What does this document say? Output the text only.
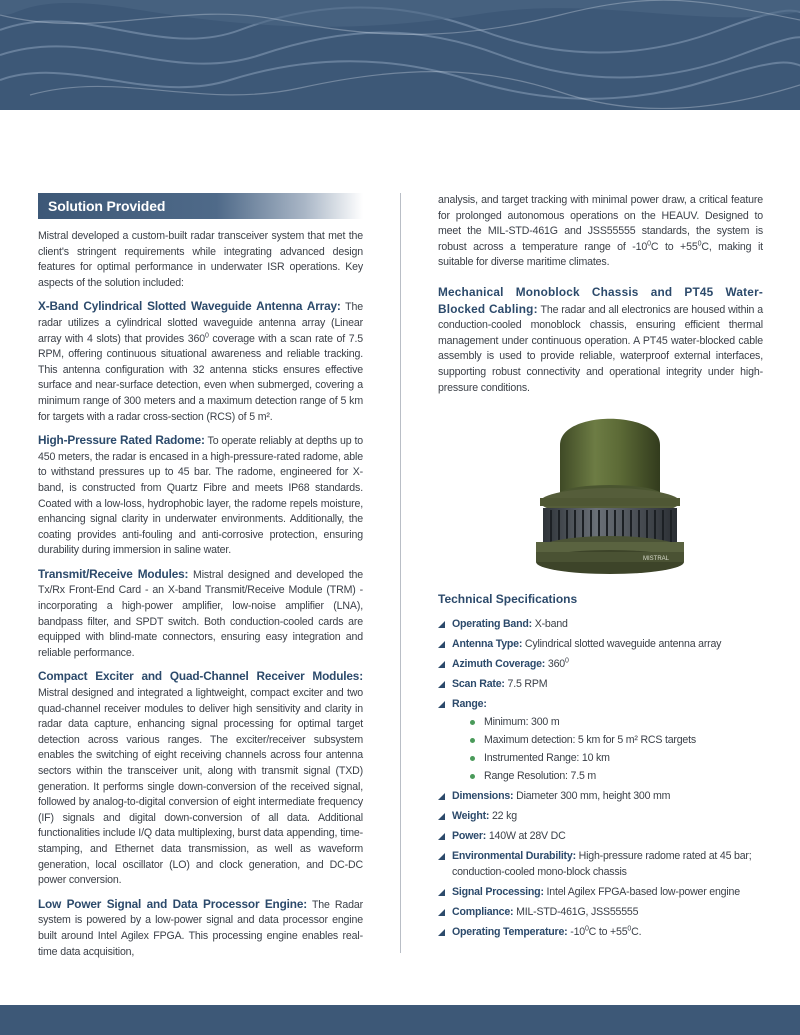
Solution Provided

Mistral developed a custom-built radar transceiver system that met the client's stringent requirements while integrating advanced design features for optimal performance in underwater ISR operations. Key aspects of the solution included:

X-Band Cylindrical Slotted Waveguide Antenna Array: The radar utilizes a cylindrical slotted waveguide antenna array (Linear array with 4 slots) that provides $360^0$ coverage with a scan rate of 7.5 RPM, offering continuous situational awareness and reliable tracking. This antenna configuration with 32 antenna sticks ensures effective surface and near-surface detection, even when submerged, covering a minimum range of 300 meters and a maximum detection range of 5 km for targets with a radar cross-section (RCS) of 5 m².

High-Pressure Rated Radome: To operate reliably at depths up to 450 meters, the radar is encased in a high-pressure-rated radome, able to withstand pressures up to 45 bar. The radome, engineered for X-band, is constructed from Quartz Fibre and meets IP68 standards. Coated with a low-loss, hydrophobic layer, the radome repels moisture, enhancing signal clarity in underwater environments. Additionally, the coating provides anti-fouling and anti-corrosive protection, ensuring durability during immersion in saline water.

Transmit/Receive Modules: Mistral designed and developed the Tx/Rx Front-End Card - an X-band Transmit/Receive Module (TRM) - incorporating a high-power amplifier, low-noise amplifier (LNA), bandpass filter, and SPDT switch. Both conduction-cooled cards are equipped with blind-mate connectors, ensuring easy integration and reliable performance.

Compact Exciter and Quad-Channel Receiver Modules: Mistral designed and integrated a lightweight, compact exciter and two quad-channel receiver modules to deliver high sensitivity and clarity in radar data capture, enhancing signal processing for optimal target detection across various ranges. The exciter/receiver subsystem enables the switching of eight receiving channels across four antenna sectors within the transceiver unit, along with transmit signal (TXD) generation. It performs single down-conversion of the received signal, followed by analog-to-digital conversion of eight intermediate frequency (IF) signals and digital down-conversion of all data. Additional functionalities include I/Q data multiplexing, burst data appending, time-stamping, and Ethernet data transmission, as well as waveform generation, local oscillator (LO) and clock generation, and DC-DC power conversion.

Low Power Signal and Data Processor Engine: The Radar system is powered by a low-power signal and data processor engine built around Intel Agilex FPGA. This processing engine enables real-time data acquisition,

analysis, and target tracking with minimal power draw, a critical feature for prolonged autonomous operations on the HEAUV. Designed to meet the MIL-STD-461G and JSS55555 standards, the system is robust across a temperature range of $-10^0C$ to $+55^0C$, making it suitable for diverse maritime climates.

Mechanical Monoblock Chassis and PT45 Water-Blocked Cabling: The radar and all electronics are housed within a conduction-cooled monoblock chassis, ensuring efficient thermal management under continuous operation. A PT45 water-blocked cable assembly is used to provide reliable, waterproof external interfaces, supporting robust connectivity and operational integrity under high-pressure conditions.

MISTRAL
Technical Specifications
Operating Band: X-band
Antenna Type: Cylindrical slotted waveguide antenna array
Azimuth Coverage: $360^0$
Scan Rate: 7.5 RPM
Range:
Minimum: 300 m
Maximum detection: 5 km for 5 m² RCS targets
Instrumented Range: 10 km
Range Resolution: 7.5 m
Dimensions: Diameter 300 mm, height 300 mm
Weight: 22 kg
Power: 140W at 28V DC
Environmental Durability: High-pressure radome rated at 45 bar; conduction-cooled mono-block chassis
Signal Processing: Intel Agilex FPGA-based low-power engine
Compliance: MIL-STD-461G, JSS55555
Operating Temperature: $-10^0C$ to $+55^0C$.
